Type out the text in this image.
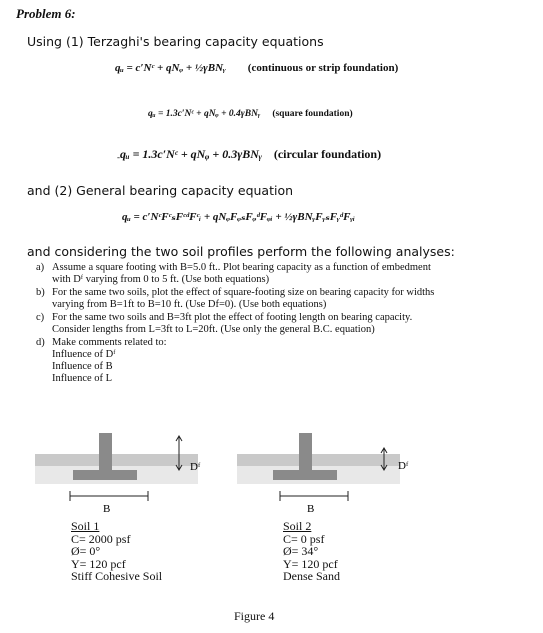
Problem 6:
Using (1) Terzaghi's bearing capacity equations
qᵤ = c′Nᶜ + qNᵩ + ½γBNᵧ (continuous or strip foundation)
qᵤ = 1.3c′Nᶜ + qNᵩ + 0.4γBNᵧ (square foundation)
- qᵤ = 1.3c′Nᶜ + qNᵩ + 0.3γBNᵧ (circular foundation)
and (2) General bearing capacity equation
qᵤ = c′NᶜFᶜₛFᶜᵈFᶜᵢ + qNᵩFᵩₛFᵩᵈFᵩᵢ + ½γBNᵧFᵧₛFᵧᵈFᵧᵢ
and considering the two soil profiles perform the following analyses:
a) Assume a square footing with B=5.0 ft.. Plot bearing capacity as a function of embedment
with Dᶠ varying from 0 to 5 ft. (Use both equations)
b) For the same two soils, plot the effect of square-footing size on bearing capacity for widths
varying from B=1ft to B=10 ft. (Use Df=0). (Use both equations)
c) For the same two soils and B=3ft plot the effect of footing length on bearing capacity.
Consider lengths from L=3ft to L=20ft. (Use only the general B.C. equation)
d) Make comments related to:
Influence of Dᶠ
Influence of B
Influence of L
Dᶠ
B
Dᶠ
B
Soil 1
C= 2000 psf
Ø= 0°
Y= 120 pcf
Stiff Cohesive Soil
Soil 2
C= 0 psf
Ø= 34°
Y= 120 pcf
Dense Sand
Figure 4
